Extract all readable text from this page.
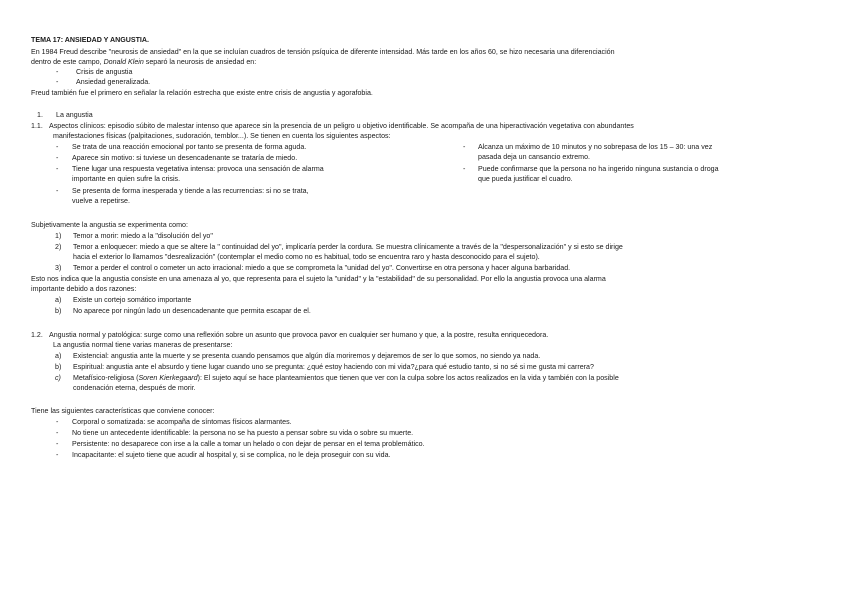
TEMA 17: ANSIEDAD Y ANGUSTIA.
En 1984 Freud describe "neurosis de ansiedad" en la que se incluían cuadros de tensión psíquica de diferente intensidad. Más tarde en los años 60, se hizo necesaria una diferenciación
dentro de este campo, Donald Klein separó la neurosis de ansiedad en:
- Crisis de angustia
- Ansiedad generalizada.
Freud también fue el primero en señalar la relación estrecha que existe entre crisis de angustia y agorafobia.
1. La angustia
1.1. Aspectos clínicos: episodio súbito de malestar intenso que aparece sin la presencia de un peligro u objetivo identificable. Se acompaña de una hiperactivación vegetativa con abundantes
manifestaciones físicas (palpitaciones, sudoración, temblor...). Se tienen en cuenta los siguientes aspectos:
- Se trata de una reacción emocional por tanto se presenta de forma aguda.
- Aparece sin motivo: si tuviese un desencadenante se trataría de miedo.
- Tiene lugar una respuesta vegetativa intensa: provoca una sensación de alarma
importante en quien sufre la crisis.
- Se presenta de forma inesperada y tiende a las recurrencias: si no se trata,
vuelve a repetirse.
- Alcanza un máximo de 10 minutos y no sobrepasa de los 15 – 30: una vez
pasada deja un cansancio extremo.
- Puede confirmarse que la persona no ha ingerido ninguna sustancia o droga
que pueda justificar el cuadro.
Subjetivamente la angustia se experimenta como:
1) Temor a morir: miedo a la "disolución del yo"
2) Temor a enloquecer: miedo a que se altere la " continuidad del yo", implicaría perder la cordura. Se muestra clínicamente a través de la "despersonalización" y si esto se dirige
hacia el exterior lo llamamos "desrealización" (contemplar el medio como no es habitual, todo se encuentra raro y hasta desconocido para el sujeto).
3) Temor a perder el control o cometer un acto irracional: miedo a que se comprometa la "unidad del yo". Convertirse en otra persona y hacer alguna barbaridad.
Esto nos indica que la angustia consiste en una amenaza al yo, que representa para el sujeto la "unidad" y la "estabilidad" de su personalidad. Por ello la angustia provoca una alarma
importante debido a dos razones:
a) Existe un cortejo somático importante
b) No aparece por ningún lado un desencadenante que permita escapar de el.
1.2. Angustia normal y patológica: surge como una reflexión sobre un asunto que provoca pavor en cualquier ser humano y que, a la postre, resulta enriquecedora.
La angustia normal tiene varias maneras de presentarse:
a) Existencial: angustia ante la muerte y se presenta cuando pensamos que algún día moriremos y dejaremos de ser lo que somos, no siendo ya nada.
b) Espiritual: angustia ante el absurdo y tiene lugar cuando uno se pregunta: ¿qué estoy haciendo con mi vida?¿para qué estudio tanto, si no sé si me gusta mi carrera?
c) Metafísico-religiosa (Soren Kierkegaard): El sujeto aquí se hace planteamientos que tienen que ver con la culpa sobre los actos realizados en la vida y también con la posible
condenación eterna, después de morir.
Tiene las siguientes características que conviene conocer:
- Corporal o somatizada: se acompaña de síntomas físicos alarmantes.
- No tiene un antecedente identificable: la persona no se ha puesto a pensar sobre su vida o sobre su muerte.
- Persistente: no desaparece con irse a la calle a tomar un helado o con dejar de pensar en el tema problemático.
- Incapacitante: el sujeto tiene que acudir al hospital y, si se complica, no le deja proseguir con su vida.
